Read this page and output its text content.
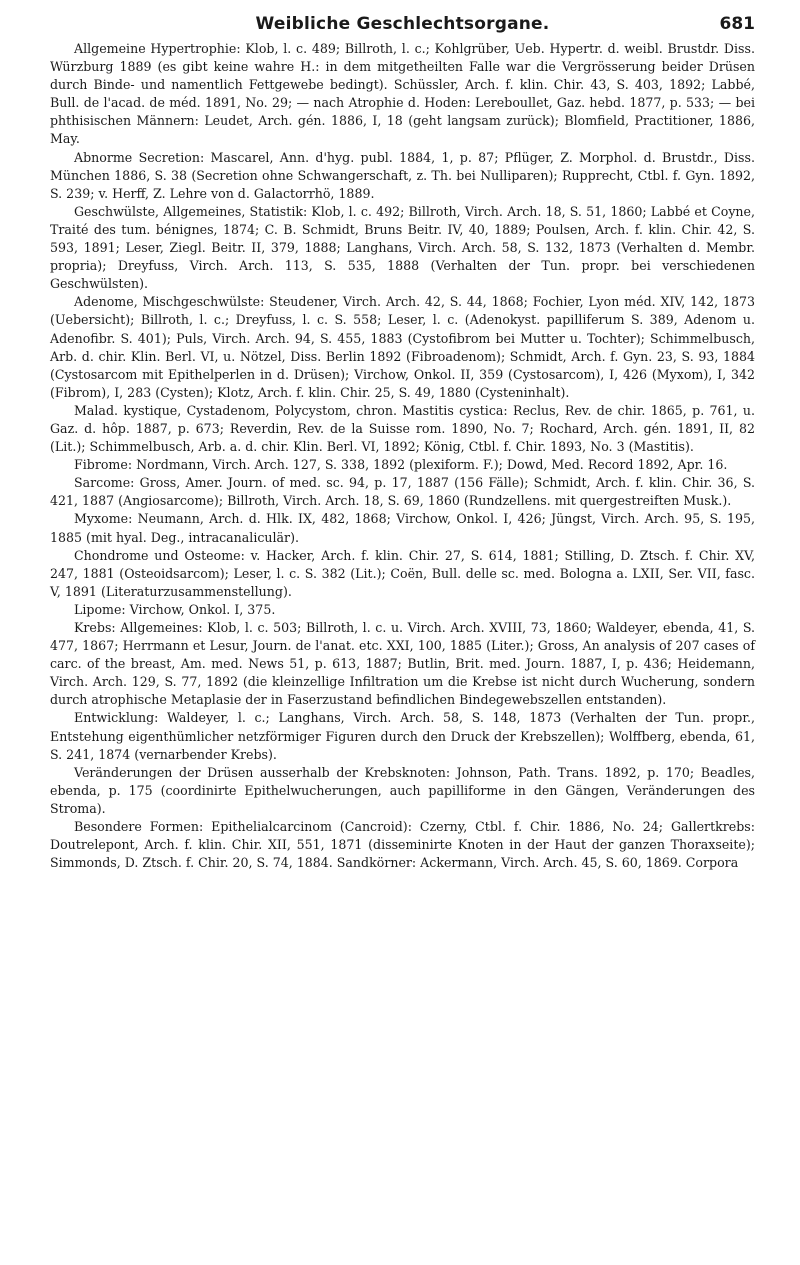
Weibliche Geschlechtsorgane.	681

Allgemeine Hypertrophie: Klob, l. c. 489; Billroth, l. c.; Kohlgrüber, Ueb. Hypertr. d. weibl. Brustdr. Diss. Würzburg 1889 (es gibt keine wahre H.: in dem mitgetheilten Falle war die Vergrösserung beider Drüsen durch Binde- und namentlich Fettgewebe bedingt). Schüssler, Arch. f. klin. Chir. 43, S. 403, 1892; Labbé, Bull. de l'acad. de méd. 1891, No. 29; — nach Atrophie d. Hoden: Lereboullet, Gaz. hebd. 1877, p. 533; — bei phthisischen Männern: Leudet, Arch. gén. 1886, I, 18 (geht langsam zurück); Blomfield, Practitioner, 1886, May.

Abnorme Secretion: Mascarel, Ann. d'hyg. publ. 1884, 1, p. 87; Pflüger, Z. Morphol. d. Brustdr., Diss. München 1886, S. 38 (Secretion ohne Schwangerschaft, z. Th. bei Nulliparen); Rupprecht, Ctbl. f. Gyn. 1892, S. 239; v. Herff, Z. Lehre von d. Galactorrhö, 1889.

Geschwülste, Allgemeines, Statistik: Klob, l. c. 492; Billroth, Virch. Arch. 18, S. 51, 1860; Labbé et Coyne, Traité des tum. bénignes, 1874; C. B. Schmidt, Bruns Beitr. IV, 40, 1889; Poulsen, Arch. f. klin. Chir. 42, S. 593, 1891; Leser, Ziegl. Beitr. II, 379, 1888; Langhans, Virch. Arch. 58, S. 132, 1873 (Verhalten d. Membr. propria); Dreyfuss, Virch. Arch. 113, S. 535, 1888 (Verhalten der Tun. propr. bei verschiedenen Geschwülsten).

Adenome, Mischgeschwülste: Steudener, Virch. Arch. 42, S. 44, 1868; Fochier, Lyon méd. XIV, 142, 1873 (Uebersicht); Billroth, l. c.; Dreyfuss, l. c. S. 558; Leser, l. c. (Adenokyst. papilliferum S. 389, Adenom u. Adenofibr. S. 401); Puls, Virch. Arch. 94, S. 455, 1883 (Cystofibrom bei Mutter u. Tochter); Schimmelbusch, Arb. d. chir. Klin. Berl. VI, u. Nötzel, Diss. Berlin 1892 (Fibroadenom); Schmidt, Arch. f. Gyn. 23, S. 93, 1884 (Cystosarcom mit Epithelperlen in d. Drüsen); Virchow, Onkol. II, 359 (Cystosarcom), I, 426 (Myxom), I, 342 (Fibrom), I, 283 (Cysten); Klotz, Arch. f. klin. Chir. 25, S. 49, 1880 (Cysteninhalt).

Malad. kystique, Cystadenom, Polycystom, chron. Mastitis cystica: Reclus, Rev. de chir. 1865, p. 761, u. Gaz. d. hôp. 1887, p. 673; Reverdin, Rev. de la Suisse rom. 1890, No. 7; Rochard, Arch. gén. 1891, II, 82 (Lit.); Schimmelbusch, Arb. a. d. chir. Klin. Berl. VI, 1892; König, Ctbl. f. Chir. 1893, No. 3 (Mastitis).

Fibrome: Nordmann, Virch. Arch. 127, S. 338, 1892 (plexiform. F.); Dowd, Med. Record 1892, Apr. 16.

Sarcome: Gross, Amer. Journ. of med. sc. 94, p. 17, 1887 (156 Fälle); Schmidt, Arch. f. klin. Chir. 36, S. 421, 1887 (Angiosarcome); Billroth, Virch. Arch. 18, S. 69, 1860 (Rundzellens. mit quergestreiften Musk.).

Myxome: Neumann, Arch. d. Hlk. IX, 482, 1868; Virchow, Onkol. I, 426; Jüngst, Virch. Arch. 95, S. 195, 1885 (mit hyal. Deg., intracanaliculär).

Chondrome und Osteome: v. Hacker, Arch. f. klin. Chir. 27, S. 614, 1881; Stilling, D. Ztsch. f. Chir. XV, 247, 1881 (Osteoidsarcom); Leser, l. c. S. 382 (Lit.); Coën, Bull. delle sc. med. Bologna a. LXII, Ser. VII, fasc. V, 1891 (Literaturzusammenstellung).

Lipome: Virchow, Onkol. I, 375.

Krebs: Allgemeines: Klob, l. c. 503; Billroth, l. c. u. Virch. Arch. XVIII, 73, 1860; Waldeyer, ebenda, 41, S. 477, 1867; Herrmann et Lesur, Journ. de l'anat. etc. XXI, 100, 1885 (Liter.); Gross, An analysis of 207 cases of carc. of the breast, Am. med. News 51, p. 613, 1887; Butlin, Brit. med. Journ. 1887, I, p. 436; Heidemann, Virch. Arch. 129, S. 77, 1892 (die kleinzellige Infiltration um die Krebse ist nicht durch Wucherung, sondern durch atrophische Metaplasie der in Faserzustand befindlichen Bindegewebszellen entstanden).

Entwicklung: Waldeyer, l. c.; Langhans, Virch. Arch. 58, S. 148, 1873 (Verhalten der Tun. propr., Entstehung eigenthümlicher netzförmiger Figuren durch den Druck der Krebszellen); Wolffberg, ebenda, 61, S. 241, 1874 (vernarbender Krebs).

Veränderungen der Drüsen ausserhalb der Krebsknoten: Johnson, Path. Trans. 1892, p. 170; Beadles, ebenda, p. 175 (coordinirte Epithelwucherungen, auch papilliforme in den Gängen, Veränderungen des Stroma).

Besondere Formen: Epithelialcarcinom (Cancroid): Czerny, Ctbl. f. Chir. 1886, No. 24; Gallertkrebs: Doutrelepont, Arch. f. klin. Chir. XII, 551, 1871 (disseminirte Knoten in der Haut der ganzen Thoraxseite); Simmonds, D. Ztsch. f. Chir. 20, S. 74, 1884. Sandkörner: Ackermann, Virch. Arch. 45, S. 60, 1869. Corpora
